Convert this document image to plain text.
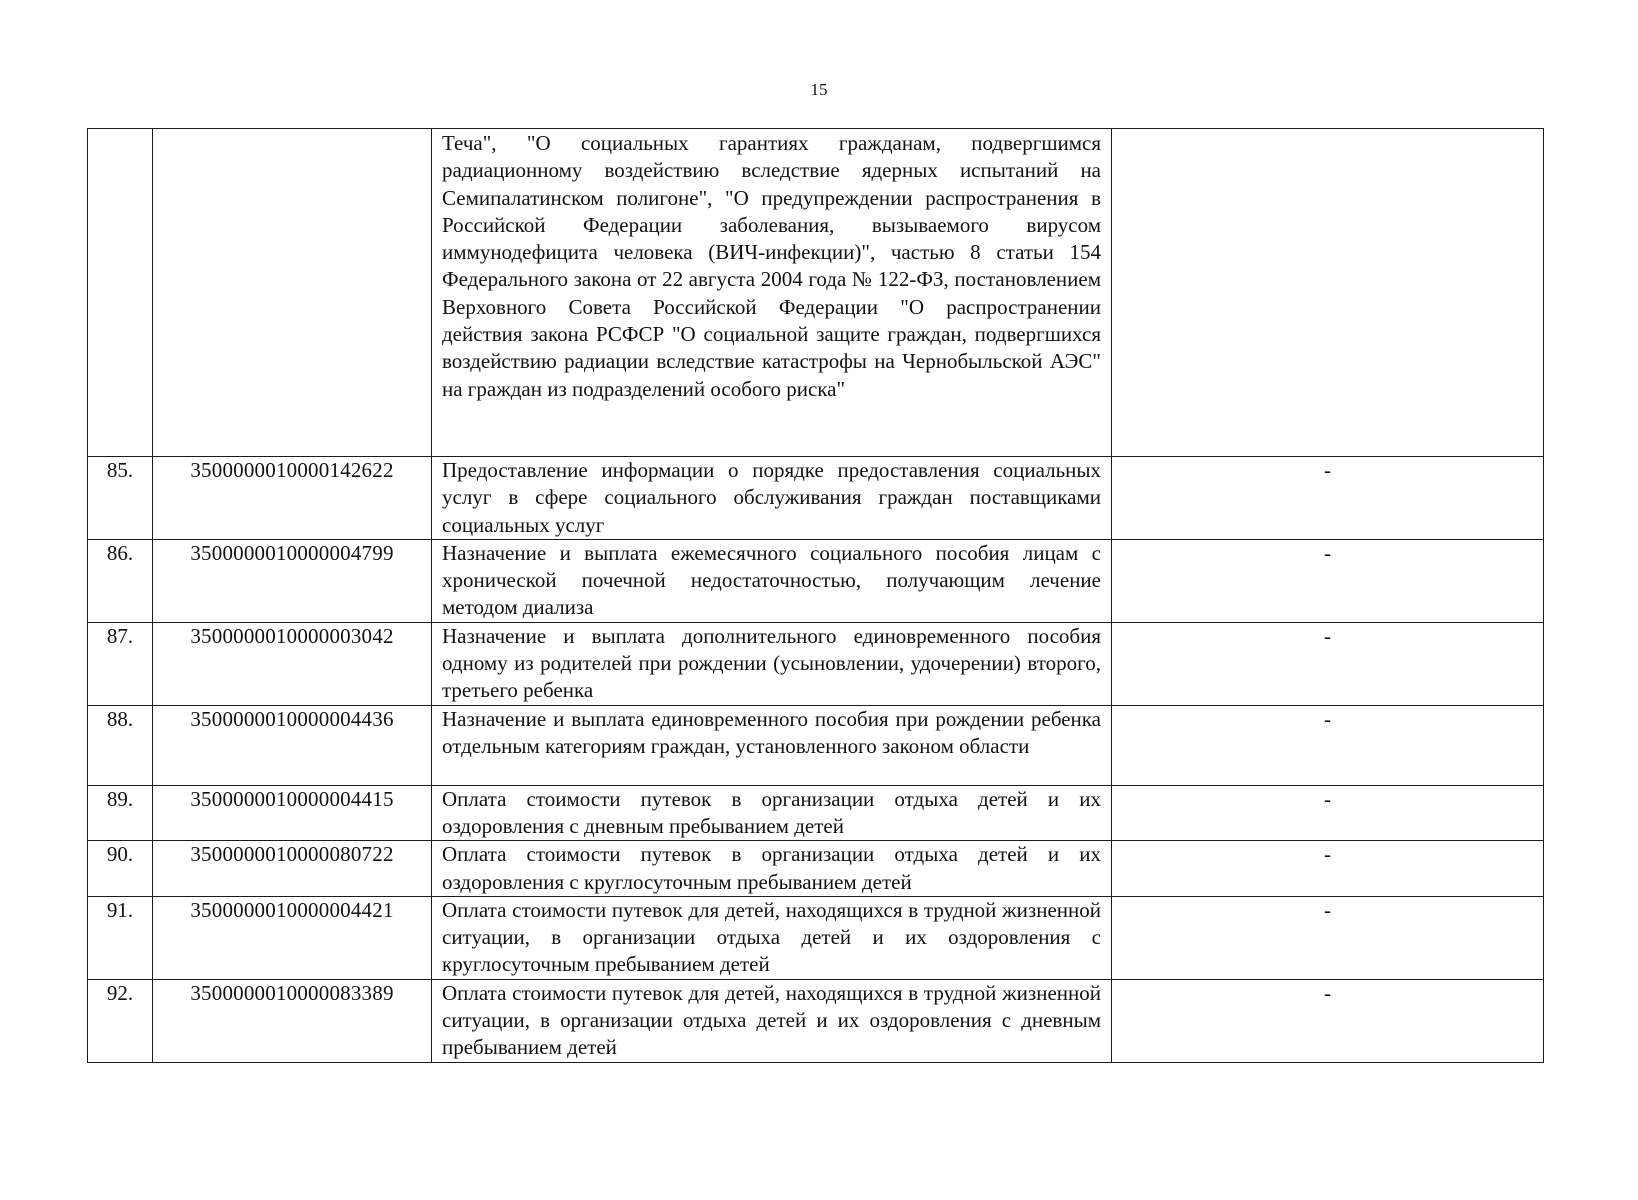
15
		Теча", "О социальных гарантиях гражданам, подвергшимся радиационному воздействию вследствие ядерных испытаний на Семипалатинском полигоне", "О предупреждении распространения в Российской Федерации заболевания, вызываемого вирусом иммунодефицита человека (ВИЧ-инфекции)", частью 8 статьи 154 Федерального закона от 22 августа 2004 года № 122-ФЗ, постановлением Верховного Совета Российской Федерации "О распространении действия закона РСФСР "О социальной защите граждан, подвергшихся воздействию радиации вследствие катастрофы на Чернобыльской АЭС" на граждан из подразделений особого риска"	
85.	3500000010000142622	Предоставление информации о порядке предоставления социальных услуг в сфере социального обслуживания граждан поставщиками социальных услуг	-
86.	3500000010000004799	Назначение и выплата ежемесячного социального пособия лицам с хронической почечной недостаточностью, получающим лечение методом диализа	-
87.	3500000010000003042	Назначение и выплата дополнительного единовременного пособия одному из родителей при рождении (усыновлении, удочерении) второго, третьего ребенка	-
88.	3500000010000004436	Назначение и выплата единовременного пособия при рождении ребенка отдельным категориям граждан, установленного законом области	-
89.	3500000010000004415	Оплата стоимости путевок в организации отдыха детей и их оздоровления с дневным пребыванием детей	-
90.	3500000010000080722	Оплата стоимости путевок в организации отдыха детей и их оздоровления с круглосуточным пребыванием детей	-
91.	3500000010000004421	Оплата стоимости путевок для детей, находящихся в трудной жизненной ситуации, в организации отдыха детей и их оздоровления с круглосуточным пребыванием детей	-
92.	3500000010000083389	Оплата стоимости путевок для детей, находящихся в трудной жизненной ситуации, в организации отдыха детей и их оздоровления с дневным пребыванием детей	-
